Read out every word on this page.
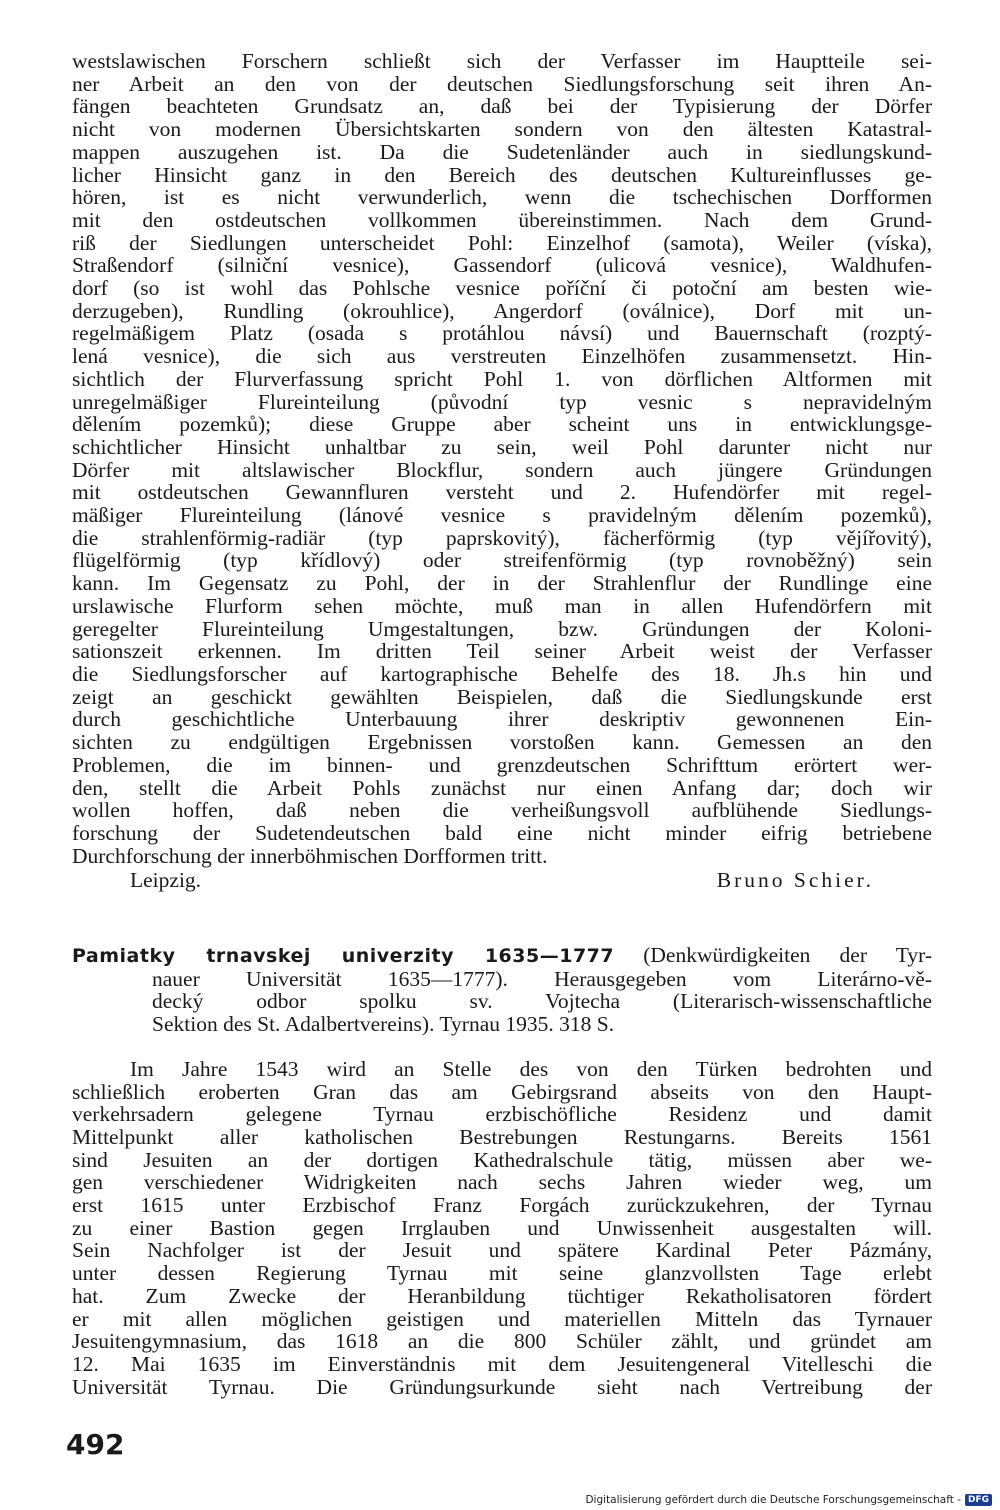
westslawischen Forschern schließt sich der Verfasser im Hauptteile sei-
ner Arbeit an den von der deutschen Siedlungsforschung seit ihren An-
fängen beachteten Grundsatz an, daß bei der Typisierung der Dörfer
nicht von modernen Übersichtskarten sondern von den ältesten Katastral-
mappen auszugehen ist. Da die Sudetenländer auch in siedlungskund-
licher Hinsicht ganz in den Bereich des deutschen Kultureinflusses ge-
hören, ist es nicht verwunderlich, wenn die tschechischen Dorfformen
mit den ostdeutschen vollkommen übereinstimmen. Nach dem Grund-
riß der Siedlungen unterscheidet Pohl: Einzelhof (samota), Weiler (víska),
Straßendorf (silniční vesnice), Gassendorf (ulicová vesnice), Waldhufen-
dorf (so ist wohl das Pohlsche vesnice poříční či potoční am besten wie-
derzugeben), Rundling (okrouhlice), Angerdorf (oválnice), Dorf mit un-
regelmäßigem Platz (osada s protáhlou návsí) und Bauernschaft (rozptý-
lená vesnice), die sich aus verstreuten Einzelhöfen zusammensetzt. Hin-
sichtlich der Flurverfassung spricht Pohl 1. von dörflichen Altformen mit
unregelmäßiger Flureinteilung (původní typ vesnic s nepravidelným
dělením pozemků); diese Gruppe aber scheint uns in entwicklungsge-
schichtlicher Hinsicht unhaltbar zu sein, weil Pohl darunter nicht nur
Dörfer mit altslawischer Blockflur, sondern auch jüngere Gründungen
mit ostdeutschen Gewannfluren versteht und 2. Hufendörfer mit regel-
mäßiger Flureinteilung (lánové vesnice s pravidelným dělením pozemků),
die strahlenförmig-radiär (typ paprskovitý), fächerförmig (typ vějířovitý),
flügelförmig (typ křídlový) oder streifenförmig (typ rovnoběžný) sein
kann. Im Gegensatz zu Pohl, der in der Strahlenflur der Rundlinge eine
urslawische Flurform sehen möchte, muß man in allen Hufendörfern mit
geregelter Flureinteilung Umgestaltungen, bzw. Gründungen der Koloni-
sationszeit erkennen. Im dritten Teil seiner Arbeit weist der Verfasser
die Siedlungsforscher auf kartographische Behelfe des 18. Jh.s hin und
zeigt an geschickt gewählten Beispielen, daß die Siedlungskunde erst
durch geschichtliche Unterbauung ihrer deskriptiv gewonnenen Ein-
sichten zu endgültigen Ergebnissen vorstoßen kann. Gemessen an den
Problemen, die im binnen- und grenzdeutschen Schrifttum erörtert wer-
den, stellt die Arbeit Pohls zunächst nur einen Anfang dar; doch wir
wollen hoffen, daß neben die verheißungsvoll aufblühende Siedlungs-
forschung der Sudetendeutschen bald eine nicht minder eifrig betriebene
Durchforschung der innerböhmischen Dorfformen tritt.
Leipzig.	Bruno Schier.
Pamiatky trnavskej univerzity 1635—1777 (Denkwürdigkeiten der Tyr-
nauer Universität 1635—1777). Herausgegeben vom Literárno-vě-
decký odbor spolku sv. Vojtecha (Literarisch-wissenschaftliche
Sektion des St. Adalbertvereins). Tyrnau 1935. 318 S.
Im Jahre 1543 wird an Stelle des von den Türken bedrohten und
schließlich eroberten Gran das am Gebirgsrand abseits von den Haupt-
verkehrsadern gelegene Tyrnau erzbischöfliche Residenz und damit
Mittelpunkt aller katholischen Bestrebungen Restungarns. Bereits 1561
sind Jesuiten an der dortigen Kathedralschule tätig, müssen aber we-
gen verschiedener Widrigkeiten nach sechs Jahren wieder weg, um
erst 1615 unter Erzbischof Franz Forgách zurückzukehren, der Tyrnau
zu einer Bastion gegen Irrglauben und Unwissenheit ausgestalten will.
Sein Nachfolger ist der Jesuit und spätere Kardinal Peter Pázmány,
unter dessen Regierung Tyrnau mit seine glanzvollsten Tage erlebt
hat. Zum Zwecke der Heranbildung tüchtiger Rekatholisatoren fördert
er mit allen möglichen geistigen und materiellen Mitteln das Tyrnauer
Jesuitengymnasium, das 1618 an die 800 Schüler zählt, und gründet am
12. Mai 1635 im Einverständnis mit dem Jesuitengeneral Vitelleschi die
Universität Tyrnau. Die Gründungsurkunde sieht nach Vertreibung der
492
Digitalisierung gefördert durch die Deutsche Forschungsgemeinschaft - DFG
